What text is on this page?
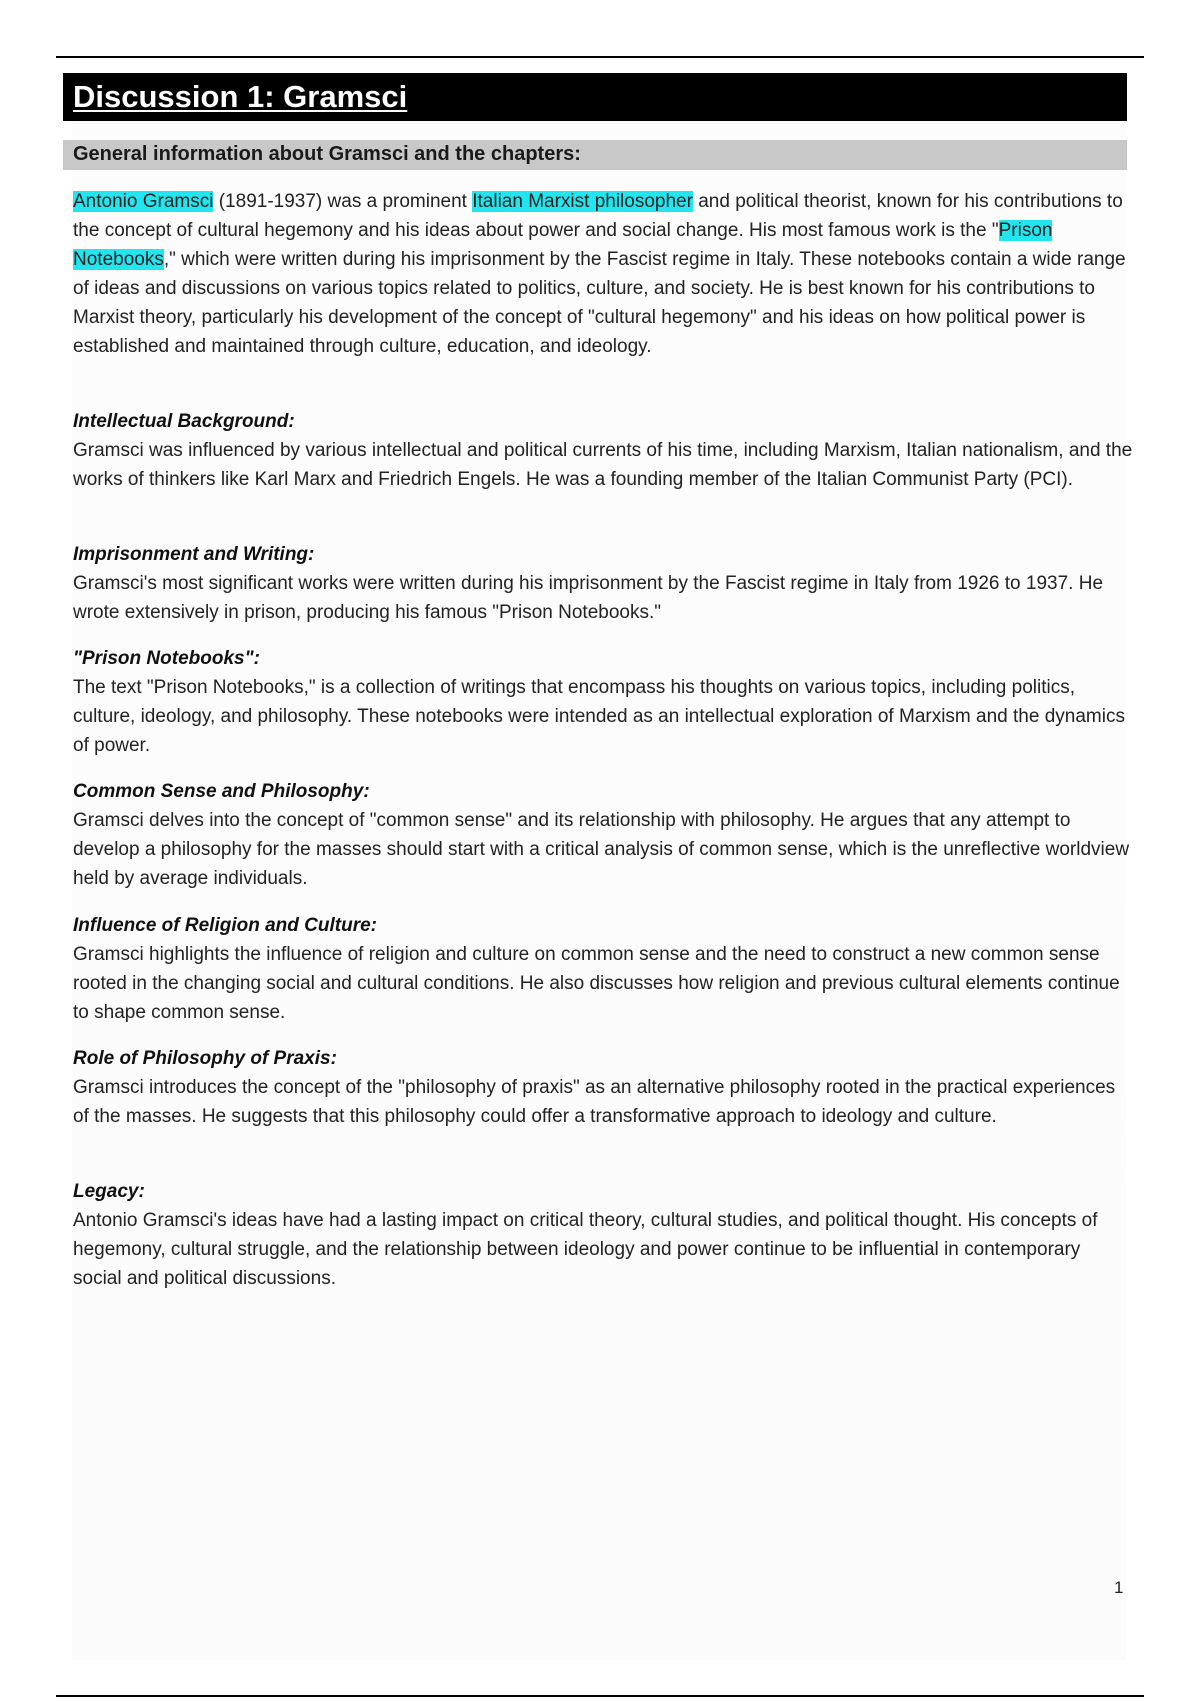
Discussion 1: Gramsci
General information about Gramsci and the chapters:
Antonio Gramsci (1891-1937) was a prominent Italian Marxist philosopher and political theorist, known for his contributions to the concept of cultural hegemony and his ideas about power and social change. His most famous work is the "Prison Notebooks," which were written during his imprisonment by the Fascist regime in Italy. These notebooks contain a wide range of ideas and discussions on various topics related to politics, culture, and society. He is best known for his contributions to Marxist theory, particularly his development of the concept of "cultural hegemony" and his ideas on how political power is established and maintained through culture, education, and ideology.

Intellectual Background:

Gramsci was influenced by various intellectual and political currents of his time, including Marxism, Italian nationalism, and the works of thinkers like Karl Marx and Friedrich Engels. He was a founding member of the Italian Communist Party (PCI).

Imprisonment and Writing:

Gramsci's most significant works were written during his imprisonment by the Fascist regime in Italy from 1926 to 1937. He wrote extensively in prison, producing his famous "Prison Notebooks."

"Prison Notebooks":

The text "Prison Notebooks," is a collection of writings that encompass his thoughts on various topics, including politics, culture, ideology, and philosophy. These notebooks were intended as an intellectual exploration of Marxism and the dynamics of power.

Common Sense and Philosophy:

Gramsci delves into the concept of "common sense" and its relationship with philosophy. He argues that any attempt to develop a philosophy for the masses should start with a critical analysis of common sense, which is the unreflective worldview held by average individuals.

Influence of Religion and Culture:

Gramsci highlights the influence of religion and culture on common sense and the need to construct a new common sense rooted in the changing social and cultural conditions. He also discusses how religion and previous cultural elements continue to shape common sense.

Role of Philosophy of Praxis:

Gramsci introduces the concept of the "philosophy of praxis" as an alternative philosophy rooted in the practical experiences of the masses. He suggests that this philosophy could offer a transformative approach to ideology and culture.

Legacy:

Antonio Gramsci's ideas have had a lasting impact on critical theory, cultural studies, and political thought. His concepts of hegemony, cultural struggle, and the relationship between ideology and power continue to be influential in contemporary social and political discussions.

1
